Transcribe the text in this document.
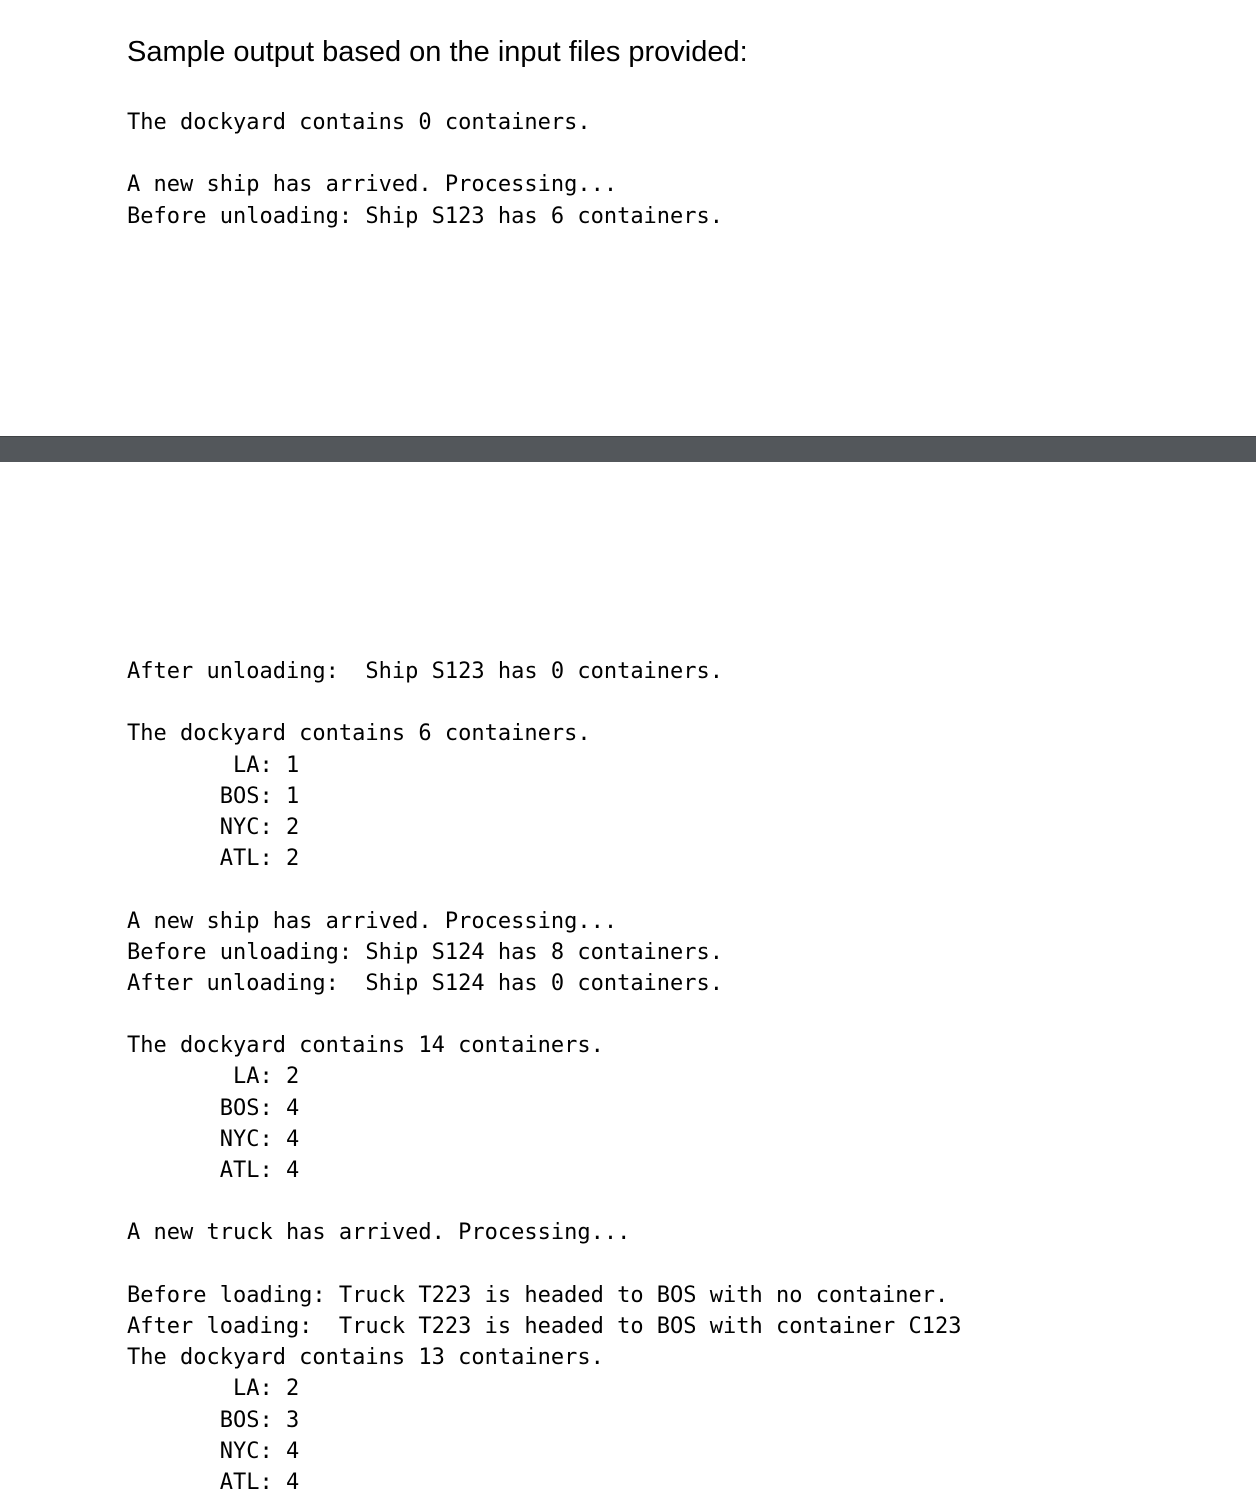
Sample output based on the input files provided:
The dockyard contains 0 containers.
A new ship has arrived. Processing...
Before unloading: Ship S123 has 6 containers.
After unloading:  Ship S123 has 0 containers.
The dockyard contains 6 containers.
LA: 1
BOS: 1
NYC: 2
ATL: 2
A new ship has arrived. Processing...
Before unloading: Ship S124 has 8 containers.
After unloading:  Ship S124 has 0 containers.
The dockyard contains 14 containers.
LA: 2
BOS: 4
NYC: 4
ATL: 4
A new truck has arrived. Processing...
Before loading: Truck T223 is headed to BOS with no container.
After loading:  Truck T223 is headed to BOS with container C123
The dockyard contains 13 containers.
LA: 2
BOS: 3
NYC: 4
ATL: 4
